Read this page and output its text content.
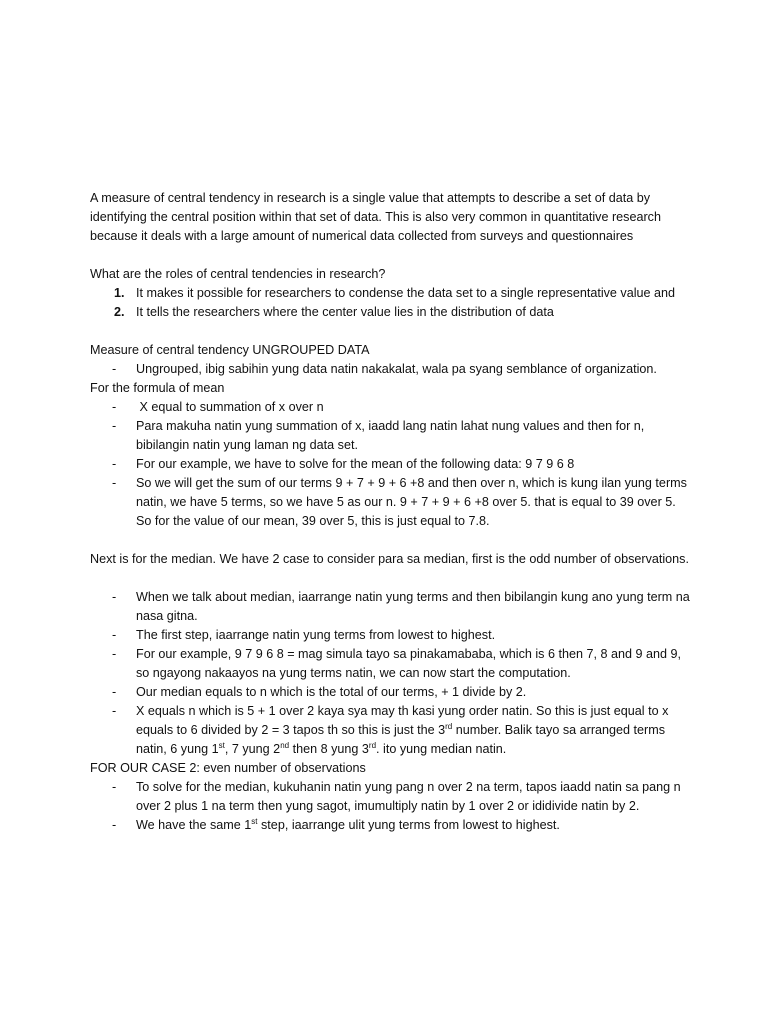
A measure of central tendency in research is a single value that attempts to describe a set of data by identifying the central position within that set of data. This is also very common in quantitative research because it deals with a large amount of numerical data collected from surveys and questionnaires

What are the roles of central tendencies in research?

1. It makes it possible for researchers to condense the data set to a single representative value and
2. It tells the researchers where the center value lies in the distribution of data

Measure of central tendency UNGROUPED DATA

- Ungrouped, ibig sabihin yung data natin nakakalat, wala pa syang semblance of organization.

For the formula of mean

- X equal to summation of x over n
- Para makuha natin yung summation of x, iaadd lang natin lahat nung values and then for n, bibilangin natin yung laman ng data set.
- For our example, we have to solve for the mean of the following data: 9 7 9 6 8
- So we will get the sum of our terms 9 + 7 + 9 + 6 +8 and then over n, which is kung ilan yung terms natin, we have 5 terms, so we have 5 as our n. 9 + 7 + 9 + 6 +8 over 5. that is equal to 39 over 5. So for the value of our mean, 39 over 5, this is just equal to 7.8.

Next is for the median. We have 2 case to consider para sa median, first is the odd number of observations.

- When we talk about median, iaarrange natin yung terms and then bibilangin kung ano yung term na nasa gitna.
- The first step, iaarrange natin yung terms from lowest to highest.
- For our example, 9 7 9 6 8 = mag simula tayo sa pinakamababa, which is 6 then 7, 8 and 9 and 9, so ngayong nakaayos na yung terms natin, we can now start the computation.
- Our median equals to n which is the total of our terms, + 1 divide by 2.
- X equals n which is 5 + 1 over 2 kaya sya may th kasi yung order natin. So this is just equal to x  equals to 6 divided by 2 = 3 tapos th so this is just the 3rd number. Balik tayo sa arranged terms natin, 6 yung 1st, 7 yung 2nd then 8 yung 3rd. ito yung median natin.

FOR OUR CASE 2: even number of observations

- To solve for the median, kukuhanin natin yung pang n over 2 na term, tapos iaadd natin sa pang n over 2 plus 1 na term then yung sagot, imumultiply natin by 1 over 2 or ididivide natin by 2.
- We have the same 1st step, iaarrange ulit yung terms from lowest to highest.
